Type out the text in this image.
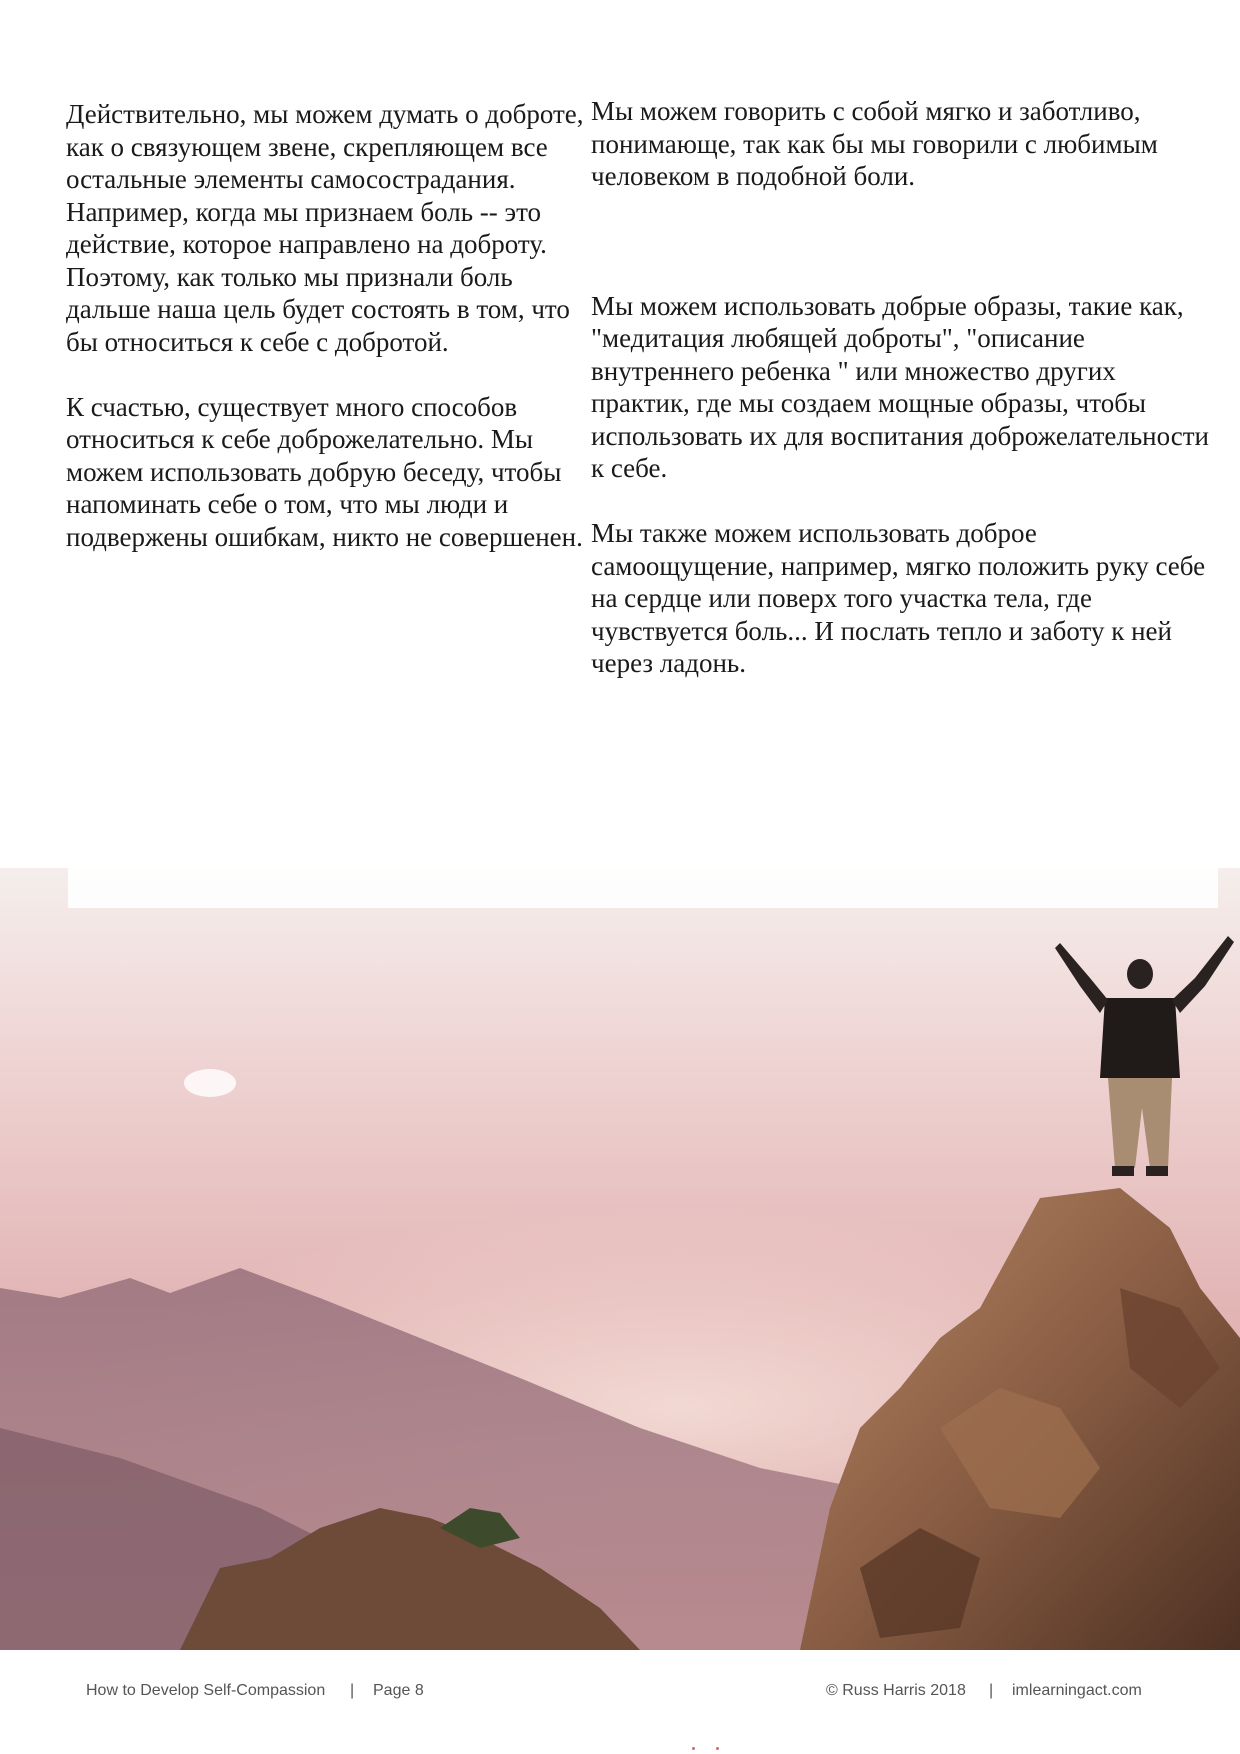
Действительно, мы можем думать о доброте, как о связующем звене, скрепляющем все остальные элементы самосострадания. Например, когда мы признаем боль -- это действие, которое направлено на доброту. Поэтому, как только мы признали боль дальше наша цель будет состоять в том, что бы относиться к себе с добротой.

К счастью, существует много способов относиться к себе доброжелательно. Мы можем использовать добрую беседу, чтобы напоминать себе о том, что мы люди и подвержены ошибкам, никто не совершенен.

Мы можем говорить с собой мягко и заботливо, понимающе, так как бы мы говорили с любимым человеком в подобной боли.

Мы можем использовать добрые образы, такие как, "медитация любящей доброты", "описание внутреннего ребенка " или множество других практик, где мы создаем мощные образы, чтобы использовать их для воспитания доброжелательности к себе.

Мы также можем использовать доброе самоощущение, например, мягко положить руку себе на сердце или поверх того участка тела, где чувствуется боль... И послать тепло и заботу к ней через ладонь.

How to Develop Self-Compassion | Page 8	© Russ Harris 2018 | imlearningact.com
